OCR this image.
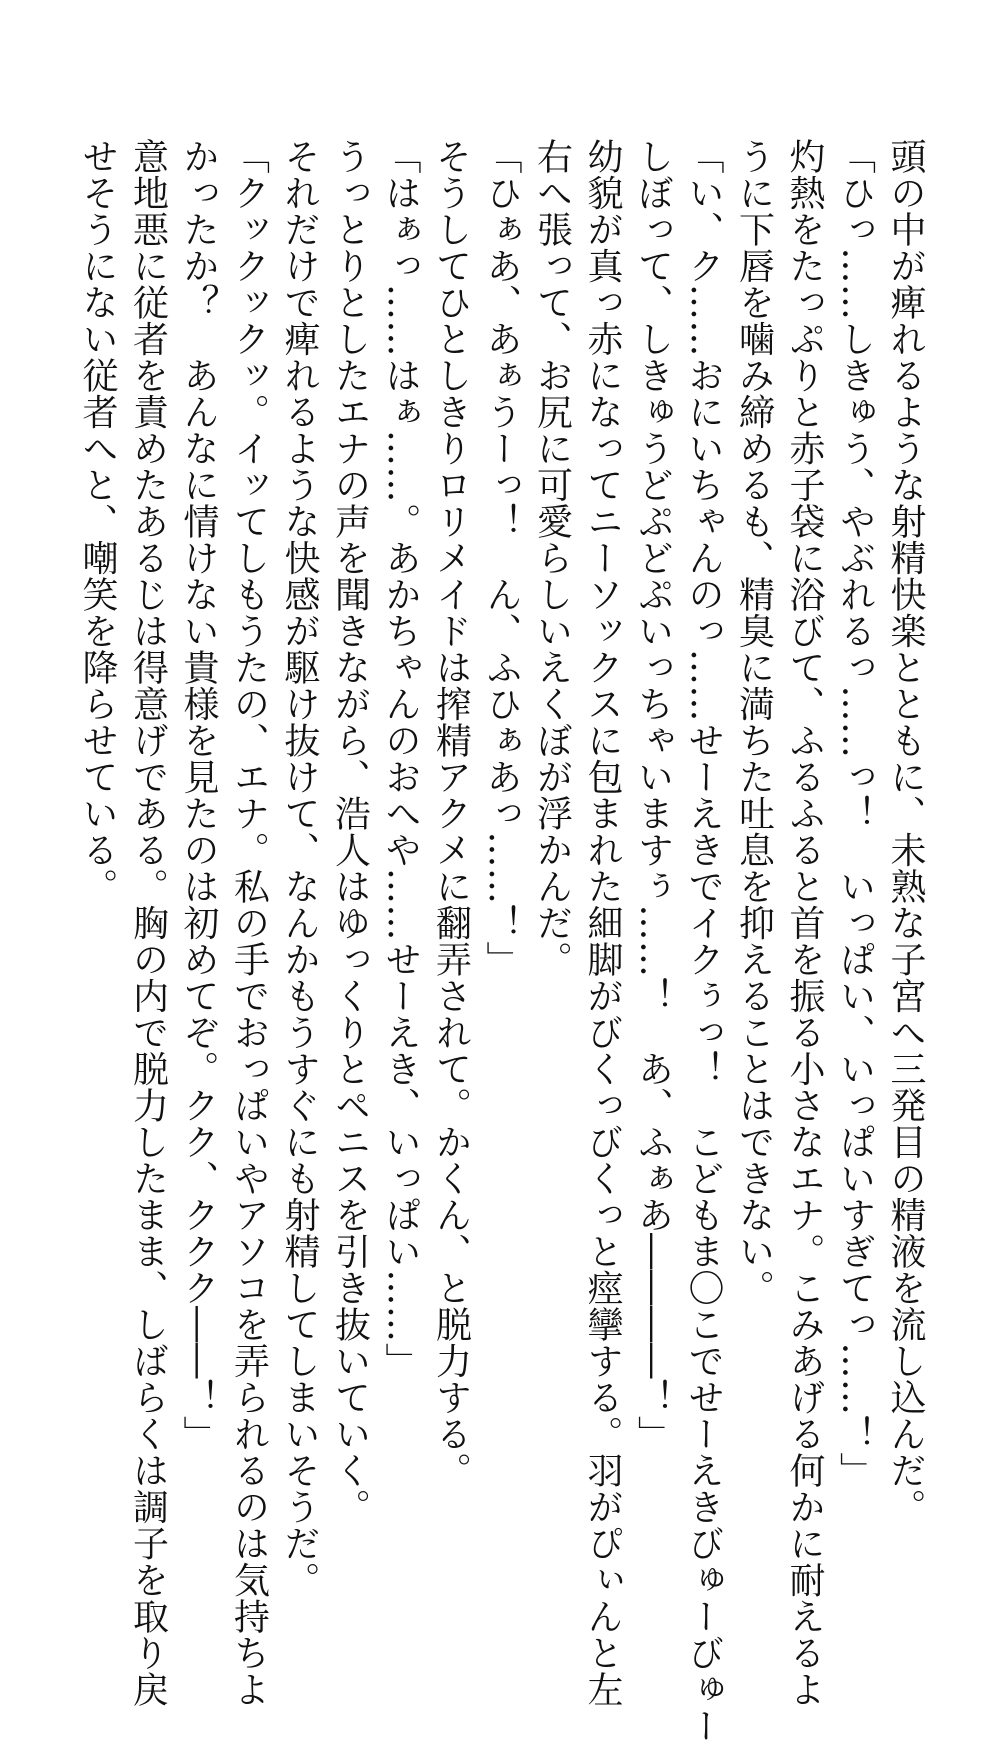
頭の中が痺れるような射精快楽とともに、未熟な子宮へ三発目の精液を流し込んだ。
「ひっ……しきゅう、やぶれるっ……っ！　いっぱい、いっぱいすぎてっ……！」
灼熱をたっぷりと赤子袋に浴びて、ふるふると首を振る小さなエナ。こみあげる何かに耐えるよ
うに下唇を噛み締めるも、精臭に満ちた吐息を抑えることはできない。
「い、ク……おにいちゃんのっ……せーえきでイクぅっ！　こどもま〇こでせーえきびゅーびゅー
しぼって、しきゅうどぷどぷいっちゃいますぅ……！　あ、ふぁあ――――！」
幼貌が真っ赤になってニーソックスに包まれた細脚がびくっびくっと痙攣する。羽がぴぃんと左
右へ張って、お尻に可愛らしいえくぼが浮かんだ。
「ひぁあ、あぁうーっ！　ん、ふひぁあっ……！」
そうしてひとしきりロリメイドは搾精アクメに翻弄されて。かくん、と脱力する。
「はぁっ……はぁ……。あかちゃんのおへや……せーえき、いっぱい……」
うっとりとしたエナの声を聞きながら、浩人はゆっくりとペニスを引き抜いていく。
それだけで痺れるような快感が駆け抜けて、なんかもうすぐにも射精してしまいそうだ。
「クックックッ。イッてしもうたの、エナ。私の手でおっぱいやアソコを弄られるのは気持ちよ
かったか？　あんなに情けない貴様を見たのは初めてぞ。クク、ククク――！」
意地悪に従者を責めたあるじは得意げである。胸の内で脱力したまま、しばらくは調子を取り戻
せそうにない従者へと、嘲笑を降らせている。
